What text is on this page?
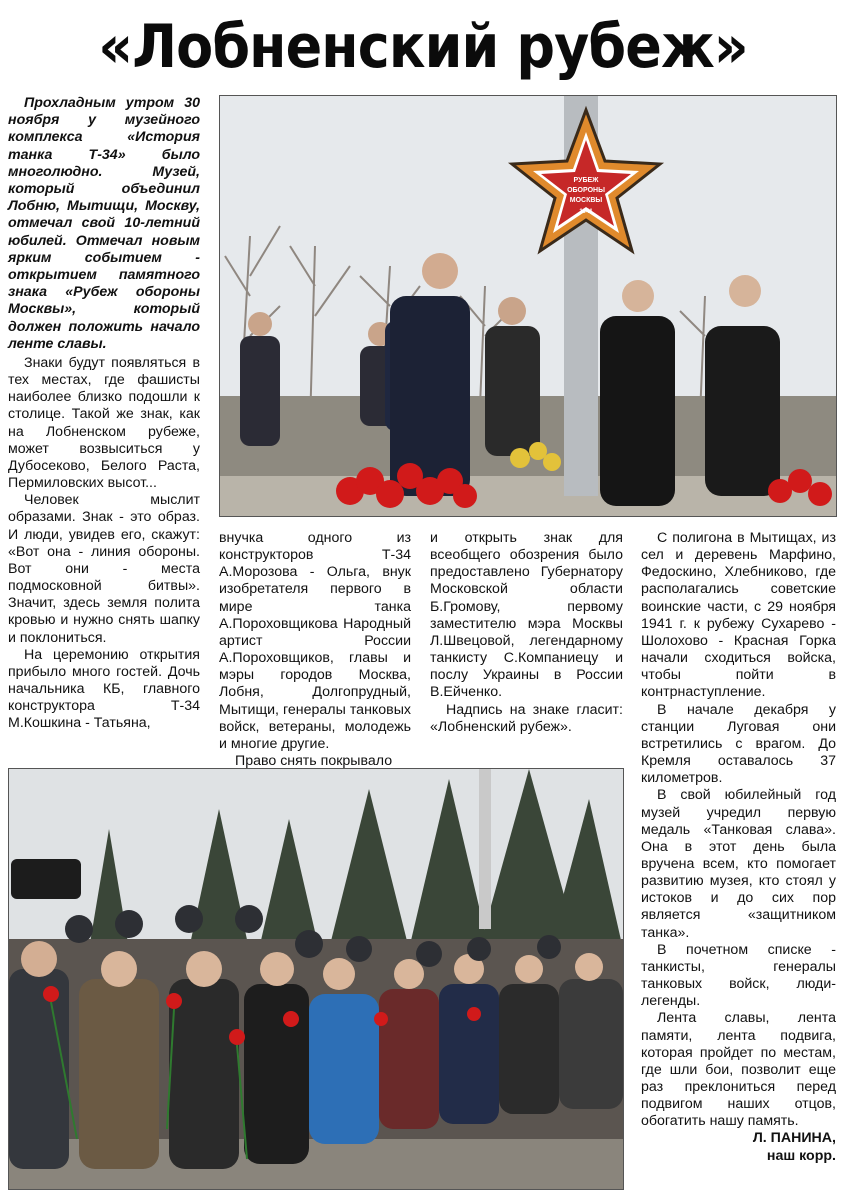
«Лобненский рубеж»

Прохладным утром 30 ноября у музейного комплекса «История танка Т-34» было многолюдно. Музей, который объединил Лобню, Мытищи, Москву, отмечал свой 10-летний юбилей. Отмечал новым ярким событием - открытием памятного знака «Рубеж обороны Москвы», который должен положить начало ленте славы.

РУБЕЖ
ОБОРОНЫ
МОСКВЫ
1941

Знаки будут появляться в тех местах, где фашисты наиболее близко подошли к столице. Такой же знак, как на Лобненском рубеже, может возвыситься у Дубосеково, Белого Раста, Пермиловских высот...

Человек мыслит образами. Знак - это образ. И люди, увидев его, скажут: «Вот она - линия обороны. Вот они - места подмосковной битвы». Значит, здесь земля полита кровью и нужно снять шапку и поклониться.

На церемонию открытия прибыло много гостей. Дочь начальника КБ, главного конструктора Т-34 М.Кошкина - Татьяна,

внучка одного из конструкторов Т-34 А.Морозова - Ольга, внук изобретателя первого в мире танка А.Пороховщикова Народный артист России А.Пороховщиков, главы и мэры городов Москва, Лобня, Долгопрудный, Мытищи, генералы танковых войск, ветераны, молодежь и многие другие.

Право снять покрывало

и открыть знак для всеобщего обозрения было предоставлено Губернатору Московской области Б.Громову, первому заместителю мэра Москвы Л.Швецовой, легендарному танкисту С.Компаниецу и послу Украины в России В.Ейченко.

Надпись на знаке гласит: «Лобненский рубеж».

С полигона в Мытищах, из сел и деревень Марфино, Федоскино, Хлебниково, где располагались советские воинские части, с 29 ноября 1941 г. к рубежу Сухарево - Шолохово - Красная Горка начали сходиться войска, чтобы пойти в контрнаступление.

В начале декабря у станции Луговая они встретились с врагом. До Кремля оставалось 37 километров.

В свой юбилейный год музей учредил первую медаль «Танковая слава». Она в этот день была вручена всем, кто помогает развитию музея, кто стоял у истоков и до сих пор является «защитником танка».

В почетном списке - танкисты, генералы танковых войск, люди-легенды.

Лента славы, лента памяти, лента подвига, которая пройдет по местам, где шли бои, позволит еще раз преклониться перед подвигом наших отцов, обогатить нашу память.

Л. ПАНИНА,

наш корр.
